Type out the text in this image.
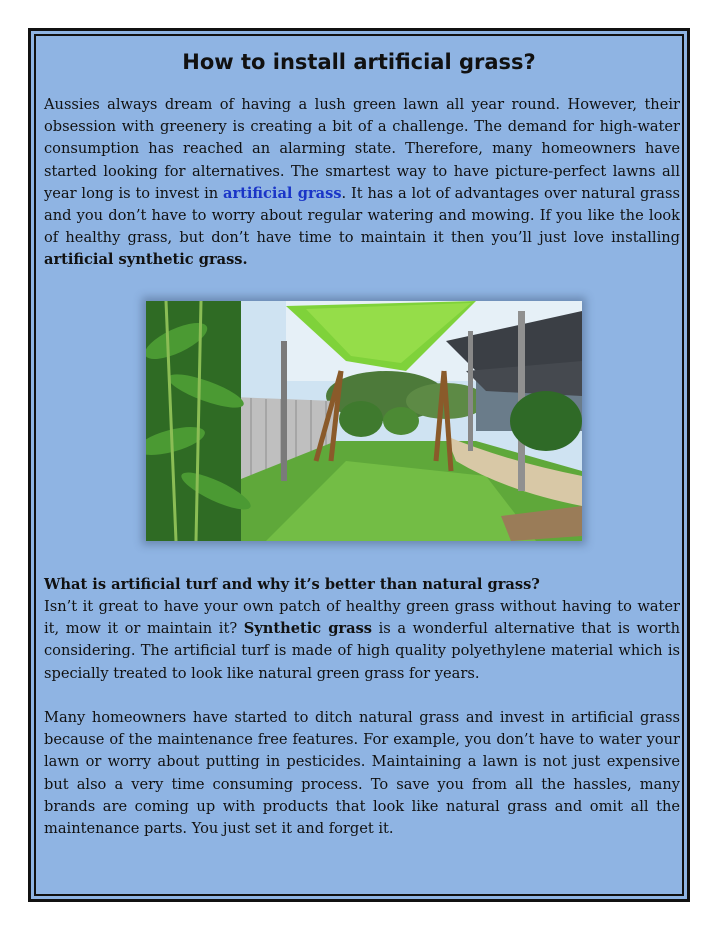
How to install artificial grass?

Aussies always dream of having a lush green lawn all year round. However, their obsession with greenery is creating a bit of a challenge. The demand for high-water consumption has reached an alarming state. Therefore, many homeowners have started looking for alternatives. The smartest way to have picture-perfect lawns all year long is to invest in artificial grass. It has a lot of advantages over natural grass and you don’t have to worry about regular watering and mowing. If you like the look of healthy grass, but don’t have time to maintain it then you’ll just love installing artificial synthetic grass.

What is artificial turf and why it’s better than natural grass?

Isn’t it great to have your own patch of healthy green grass without having to water it, mow it or maintain it? Synthetic grass is a wonderful alternative that is worth considering. The artificial turf is made of high quality polyethylene material which is specially treated to look like natural green grass for years.

Many homeowners have started to ditch natural grass and invest in artificial grass because of the maintenance free features. For example, you don’t have to water your lawn or worry about putting in pesticides. Maintaining a lawn is not just expensive but also a very time consuming process. To save you from all the hassles, many brands are coming up with products that look like natural grass and omit all the maintenance parts. You just set it and forget it.
